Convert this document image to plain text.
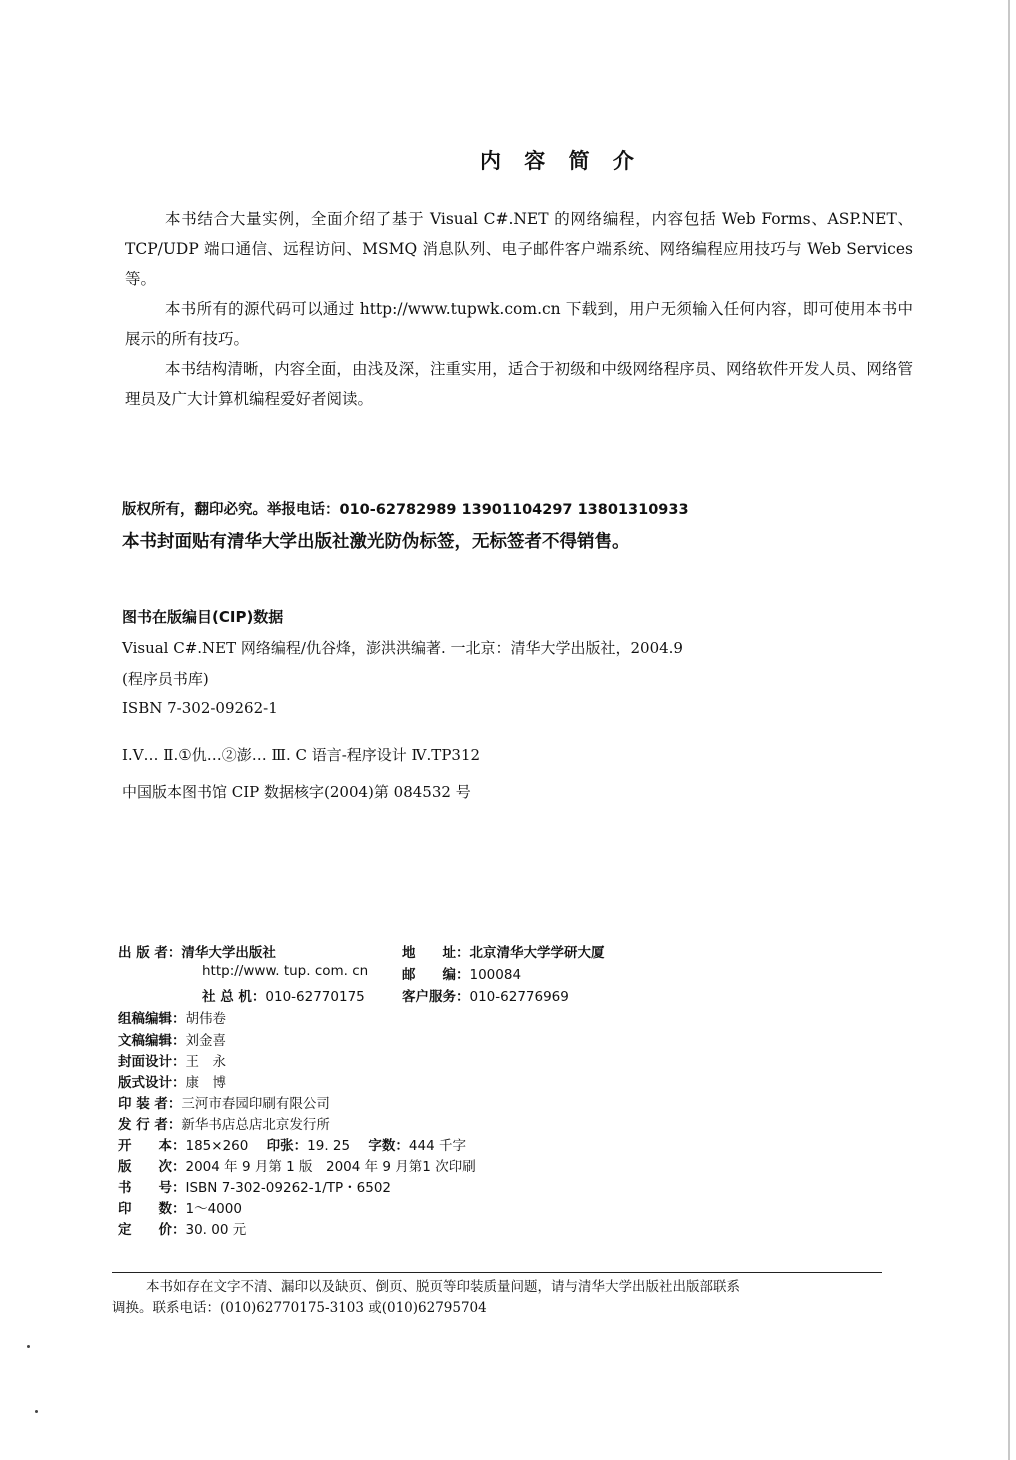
内 容 简 介

本书结合大量实例，全面介绍了基于 Visual C#.NET 的网络编程，内容包括 Web Forms、ASP.NET、TCP/UDP 端口通信、远程访问、MSMQ 消息队列、电子邮件客户端系统、网络编程应用技巧与 Web Services 等。

本书所有的源代码可以通过 http://www.tupwk.com.cn 下载到，用户无须输入任何内容，即可使用本书中展示的所有技巧。

本书结构清晰，内容全面，由浅及深，注重实用，适合于初级和中级网络程序员、网络软件开发人员、网络管理员及广大计算机编程爱好者阅读。

版权所有，翻印必究。举报电话：010-62782989 13901104297 13801310933
本书封面贴有清华大学出版社激光防伪标签，无标签者不得销售。
图书在版编目(CIP)数据
Visual C#.NET 网络编程/仇谷烽，澎洪洪编著. 一北京：清华大学出版社，2004.9
(程序员书库)
ISBN 7-302-09262-1
Ⅰ.V… Ⅱ.①仇…②澎… Ⅲ. C 语言-程序设计 Ⅳ.TP312
中国版本图书馆 CIP 数据核字(2004)第 084532 号
出 版 者：清华大学出版社	地　　址：北京清华大学学研大厦
http://www. tup. com. cn	邮　　编：100084
社 总 机：010-62770175	客户服务：010-62776969
组稿编辑：胡伟卷
文稿编辑：刘金喜
封面设计：王　永
版式设计：康　博
印 装 者：三河市春园印刷有限公司
发 行 者：新华书店总店北京发行所
开　　本：185×260 印张：19. 25 字数：444 千字
版　　次：2004 年 9 月第 1 版　2004 年 9 月第1 次印刷
书　　号：ISBN 7-302-09262-1/TP・6502
印　　数：1～4000
定　　价：30. 00 元
本书如存在文字不清、漏印以及缺页、倒页、脱页等印装质量问题，请与清华大学出版社出版部联系
调换。联系电话：(010)62770175-3103 或(010)62795704
